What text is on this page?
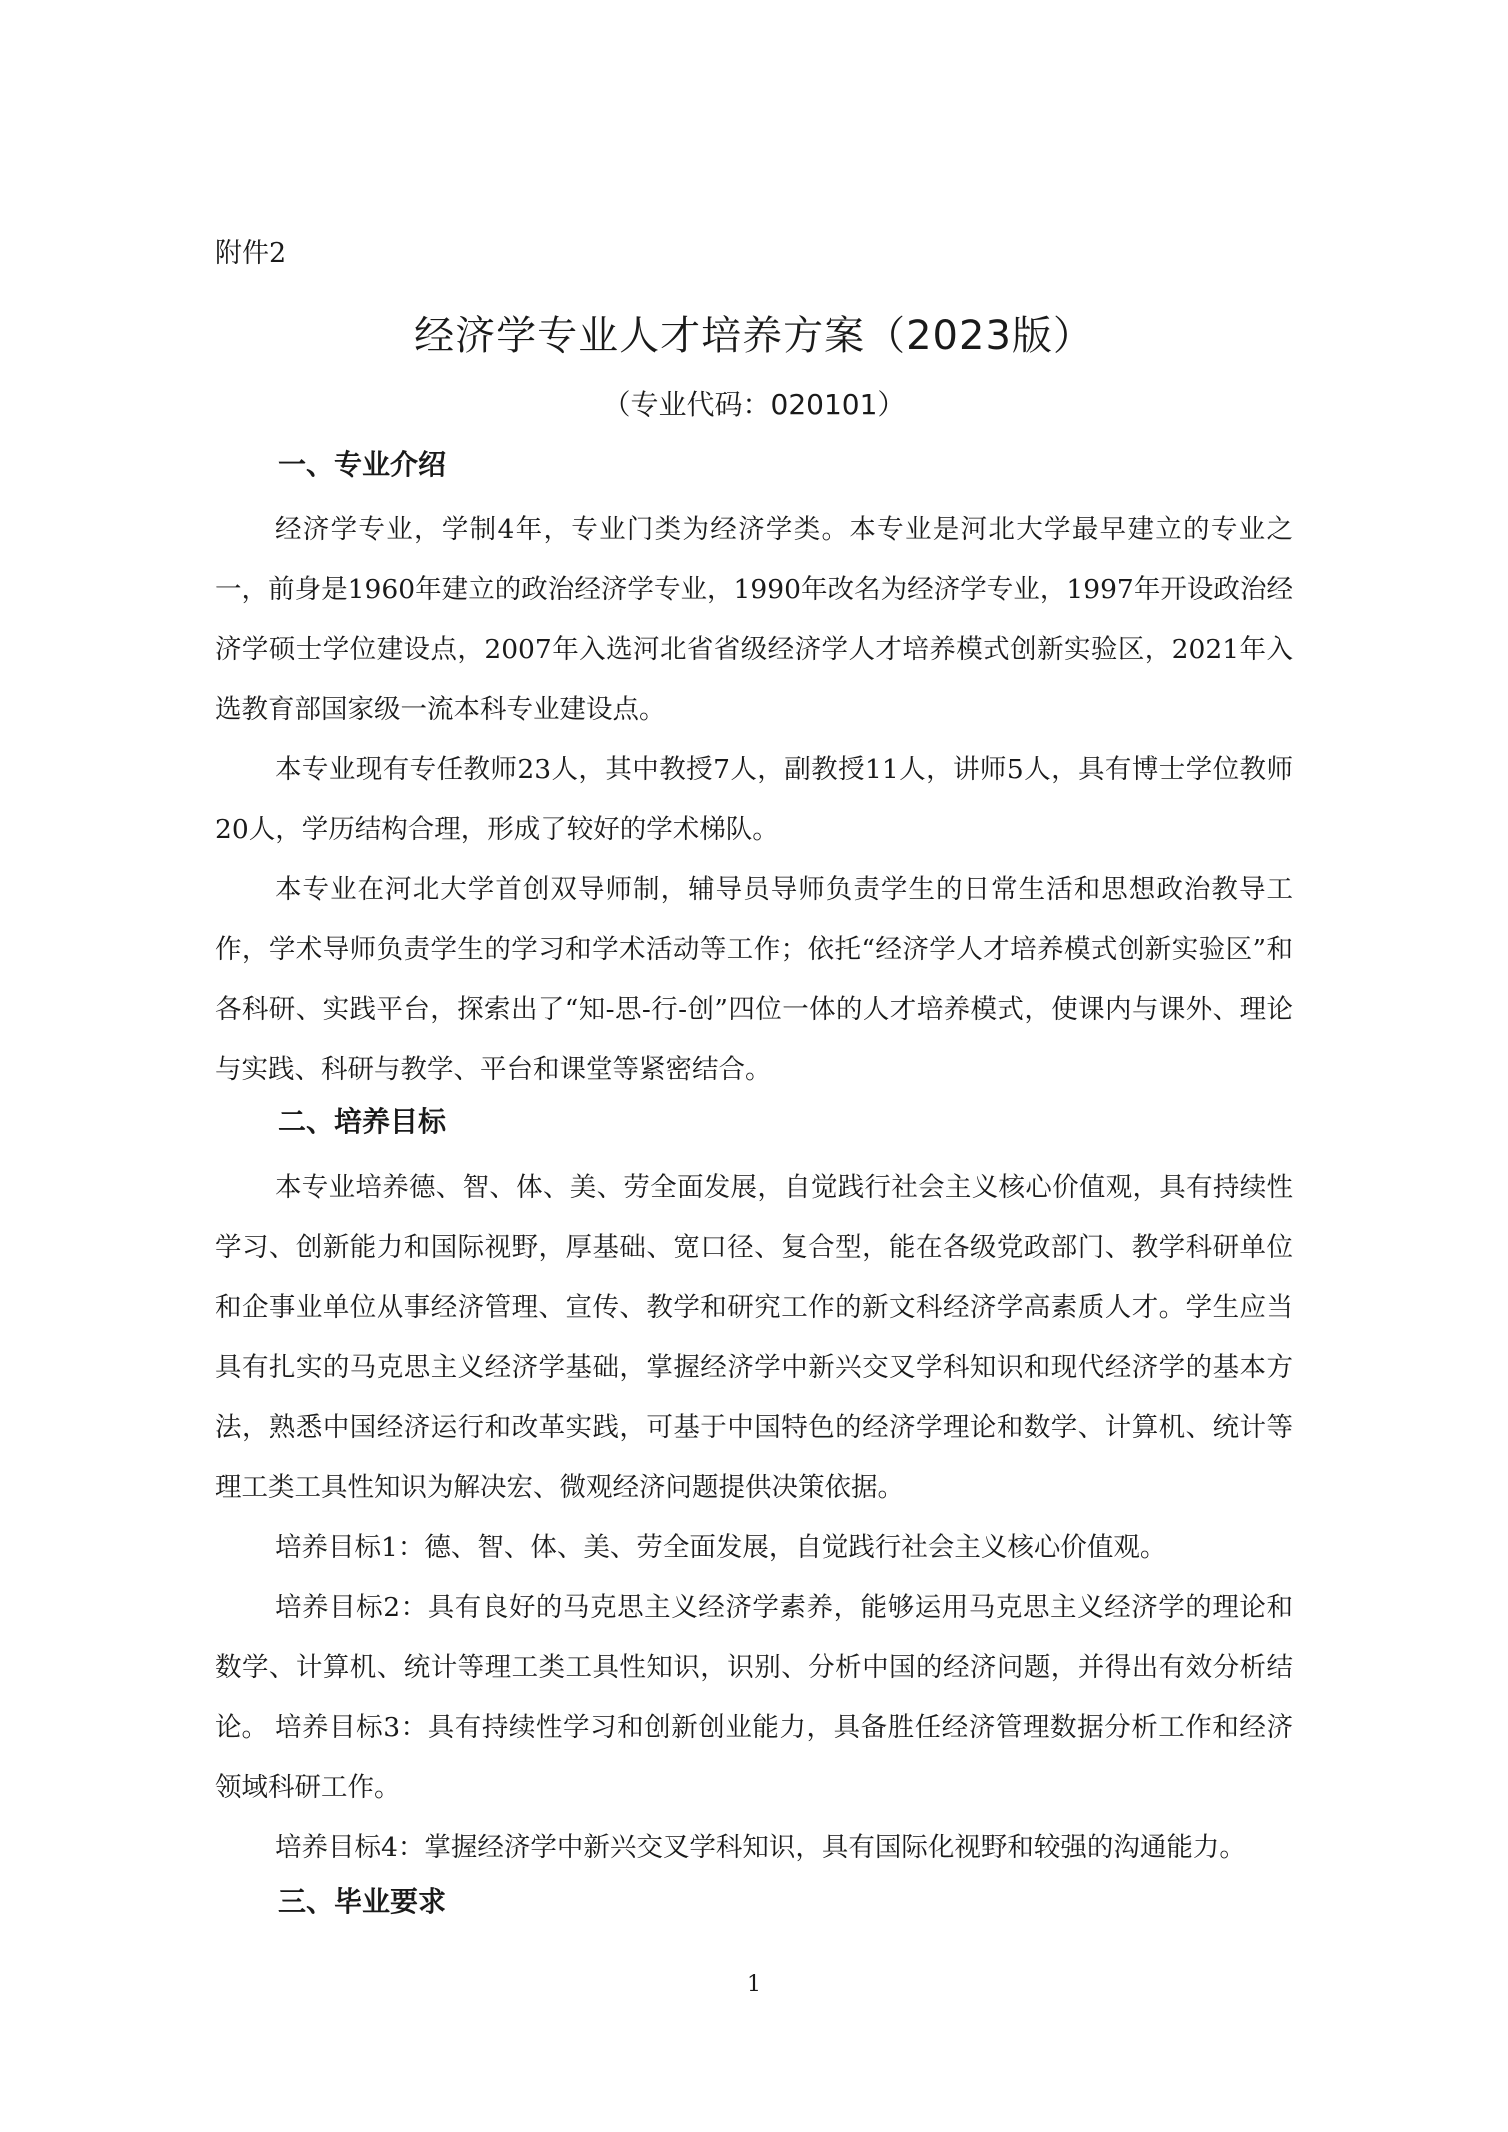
附件2
经济学专业人才培养方案（2023版）
（专业代码：020101）
一、专业介绍

经济学专业，学制4年，专业门类为经济学类。本专业是河北大学最早建立的专业之一，前身是1960年建立的政治经济学专业，1990年改名为经济学专业，1997年开设政治经济学硕士学位建设点，2007年入选河北省省级经济学人才培养模式创新实验区，2021年入选教育部国家级一流本科专业建设点。

本专业现有专任教师23人，其中教授7人，副教授11人，讲师5人，具有博士学位教师20人，学历结构合理，形成了较好的学术梯队。

本专业在河北大学首创双导师制，辅导员导师负责学生的日常生活和思想政治教导工作，学术导师负责学生的学习和学术活动等工作；依托“经济学人才培养模式创新实验区”和各科研、实践平台，探索出了“知-思-行-创”四位一体的人才培养模式，使课内与课外、理论与实践、科研与教学、平台和课堂等紧密结合。

二、培养目标

本专业培养德、智、体、美、劳全面发展，自觉践行社会主义核心价值观，具有持续性学习、创新能力和国际视野，厚基础、宽口径、复合型，能在各级党政部门、教学科研单位和企事业单位从事经济管理、宣传、教学和研究工作的新文科经济学高素质人才。学生应当具有扎实的马克思主义经济学基础，掌握经济学中新兴交叉学科知识和现代经济学的基本方法，熟悉中国经济运行和改革实践，可基于中国特色的经济学理论和数学、计算机、统计等理工类工具性知识为解决宏、微观经济问题提供决策依据。

培养目标1：德、智、体、美、劳全面发展，自觉践行社会主义核心价值观。

培养目标2：具有良好的马克思主义经济学素养，能够运用马克思主义经济学的理论和数学、计算机、统计等理工类工具性知识，识别、分析中国的经济问题，并得出有效分析结论。 培养目标3：具有持续性学习和创新创业能力，具备胜任经济管理数据分析工作和经济领域科研工作。

培养目标4：掌握经济学中新兴交叉学科知识，具有国际化视野和较强的沟通能力。

三、毕业要求
1
